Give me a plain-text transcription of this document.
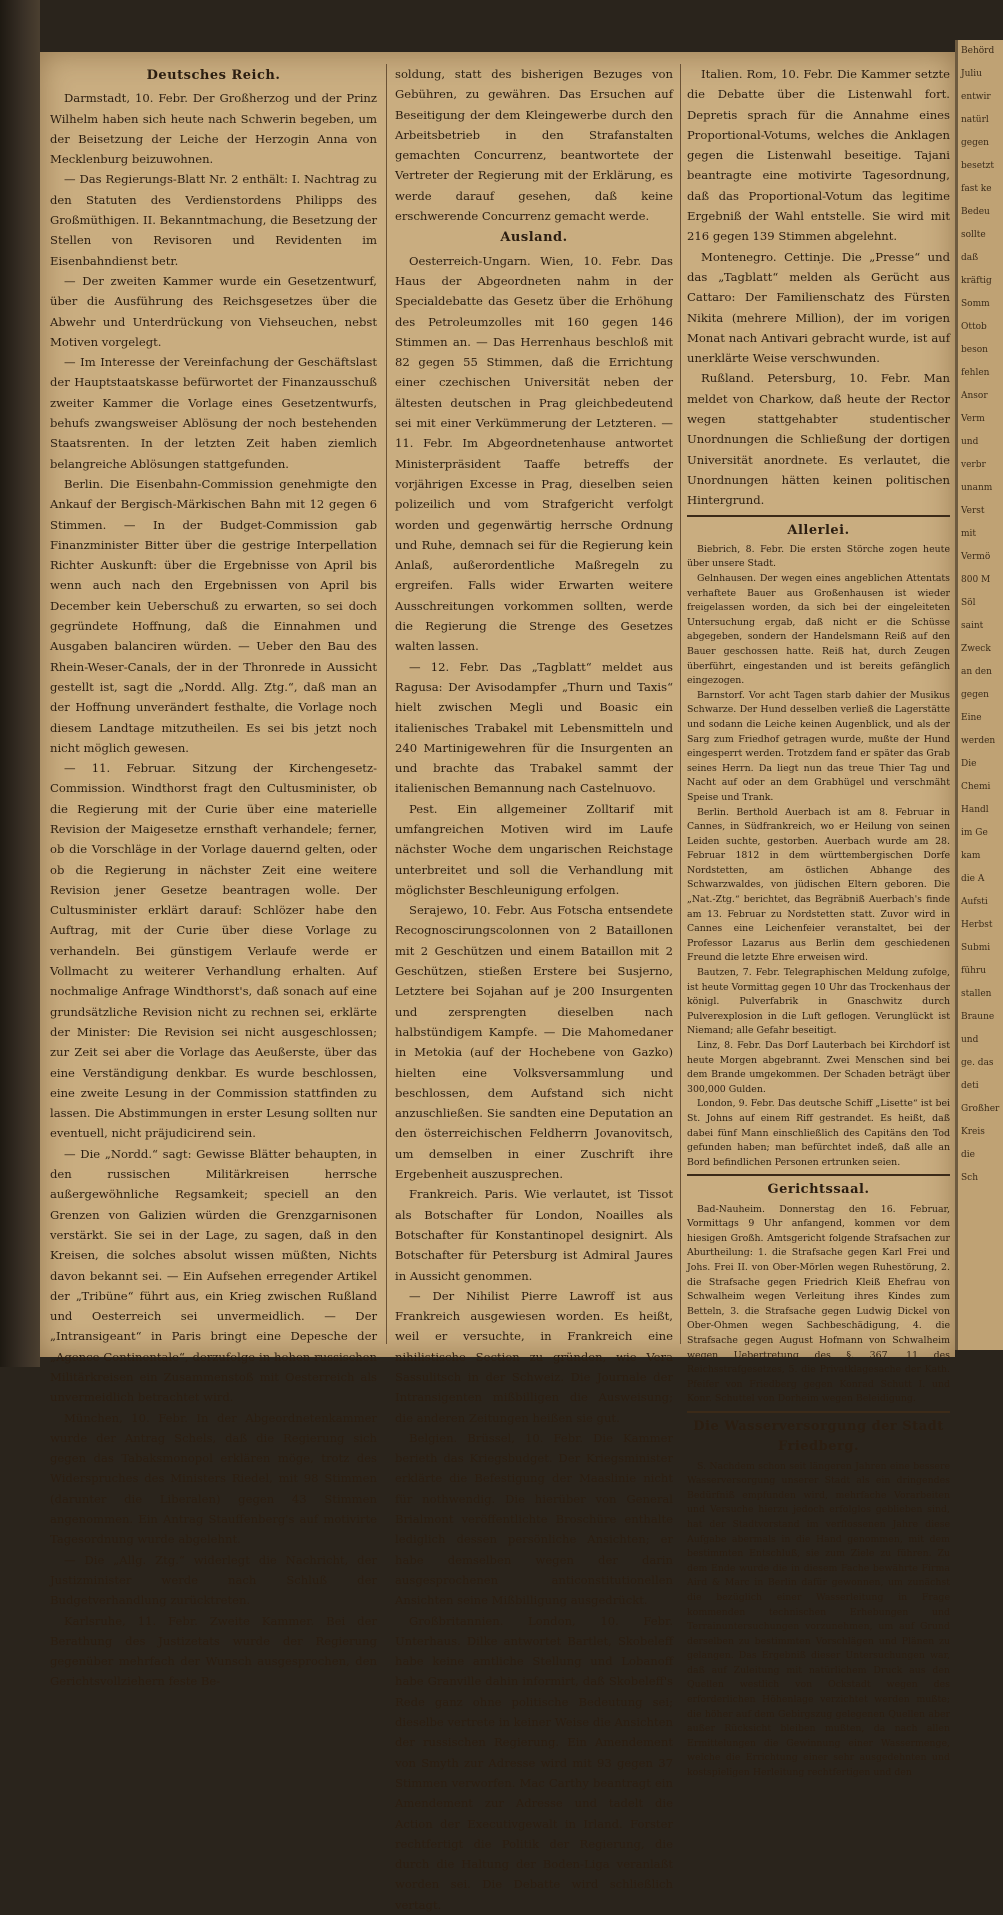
Deutsches Reich.

Darmstadt, 10. Febr. Der Großherzog und der Prinz Wilhelm haben sich heute nach Schwerin begeben, um der Beisetzung der Leiche der Herzogin Anna von Mecklenburg beizuwohnen.

— Das Regierungs-Blatt Nr. 2 enthält: I. Nachtrag zu den Statuten des Verdienstordens Philipps des Großmüthigen. II. Bekanntmachung, die Besetzung der Stellen von Revisoren und Revidenten im Eisenbahndienst betr.

— Der zweiten Kammer wurde ein Gesetzentwurf, über die Ausführung des Reichsgesetzes über die Abwehr und Unterdrückung von Viehseuchen, nebst Motiven vorgelegt.

— Im Interesse der Vereinfachung der Geschäftslast der Hauptstaatskasse befürwortet der Finanzausschuß zweiter Kammer die Vorlage eines Gesetzentwurfs, behufs zwangsweiser Ablösung der noch bestehenden Staatsrenten. In der letzten Zeit haben ziemlich belangreiche Ablösungen stattgefunden.

Berlin. Die Eisenbahn-Commission genehmigte den Ankauf der Bergisch-Märkischen Bahn mit 12 gegen 6 Stimmen. — In der Budget-Commission gab Finanzminister Bitter über die gestrige Interpellation Richter Auskunft: über die Ergebnisse von April bis wenn auch nach den Ergebnissen von April bis December kein Ueberschuß zu erwarten, so sei doch gegründete Hoffnung, daß die Einnahmen und Ausgaben balanciren würden. — Ueber den Bau des Rhein-Weser-Canals, der in der Thronrede in Aussicht gestellt ist, sagt die „Nordd. Allg. Ztg.“, daß man an der Hoffnung unverändert festhalte, die Vorlage noch diesem Landtage mitzutheilen. Es sei bis jetzt noch nicht möglich gewesen.

— 11. Februar. Sitzung der Kirchengesetz-Commission. Windthorst fragt den Cultusminister, ob die Regierung mit der Curie über eine materielle Revision der Maigesetze ernsthaft verhandele; ferner, ob die Vorschläge in der Vorlage dauernd gelten, oder ob die Regierung in nächster Zeit eine weitere Revision jener Gesetze beantragen wolle. Der Cultusminister erklärt darauf: Schlözer habe den Auftrag, mit der Curie über diese Vorlage zu verhandeln. Bei günstigem Verlaufe werde er Vollmacht zu weiterer Verhandlung erhalten. Auf nochmalige Anfrage Windthorst's, daß sonach auf eine grundsätzliche Revision nicht zu rechnen sei, erklärte der Minister: Die Revision sei nicht ausgeschlossen; zur Zeit sei aber die Vorlage das Aeußerste, über das eine Verständigung denkbar. Es wurde beschlossen, eine zweite Lesung in der Commission stattfinden zu lassen. Die Abstimmungen in erster Lesung sollten nur eventuell, nicht präjudicirend sein.

— Die „Nordd.“ sagt: Gewisse Blätter behaupten, in den russischen Militärkreisen herrsche außergewöhnliche Regsamkeit; speciell an den Grenzen von Galizien würden die Grenzgarnisonen verstärkt. Sie sei in der Lage, zu sagen, daß in den Kreisen, die solches absolut wissen müßten, Nichts davon bekannt sei. — Ein Aufsehen erregender Artikel der „Tribüne“ führt aus, ein Krieg zwischen Rußland und Oesterreich sei unvermeidlich. — Der „Intransigeant“ in Paris bringt eine Depesche der „Agence Continentale“, derzufolge in hohen russischen Militärkreisen ein Zusammenstoß mit Oesterreich als unvermeidlich betrachtet wird.

München, 10. Febr. In der Abgeordnetenkammer wurde der Antrag Schels, daß die Regierung sich gegen das Tabaksmonopol erklären möge, trotz des Widerspruches des Ministers Riedel, mit 98 Stimmen (darunter die Liberalen) gegen 43 Stimmen angenommen. Ein Antrag Stauffenberg's auf motivirte Tagesordnung wurde abgelehnt.

— Die „Allg. Ztg.“ widerlegt die Nachricht, der Justizminister werde nach Schluß der Budgetverhandlung zurücktreten.

Karlsruhe, 11. Febr. Zweite Kammer. Bei der Berathung des Justizetats wurde der Regierung gegenüber mehrfach der Wunsch ausgesprochen, den Gerichtsvollziehern feste Be-

soldung, statt des bisherigen Bezuges von Gebühren, zu gewähren. Das Ersuchen auf Beseitigung der dem Kleingewerbe durch den Arbeitsbetrieb in den Strafanstalten gemachten Concurrenz, beantwortete der Vertreter der Regierung mit der Erklärung, es werde darauf gesehen, daß keine erschwerende Concurrenz gemacht werde.

Ausland.

Oesterreich-Ungarn. Wien, 10. Febr. Das Haus der Abgeordneten nahm in der Specialdebatte das Gesetz über die Erhöhung des Petroleumzolles mit 160 gegen 146 Stimmen an. — Das Herrenhaus beschloß mit 82 gegen 55 Stimmen, daß die Errichtung einer czechischen Universität neben der ältesten deutschen in Prag gleichbedeutend sei mit einer Verkümmerung der Letzteren. — 11. Febr. Im Abgeordnetenhause antwortet Ministerpräsident Taaffe betreffs der vorjährigen Excesse in Prag, dieselben seien polizeilich und vom Strafgericht verfolgt worden und gegenwärtig herrsche Ordnung und Ruhe, demnach sei für die Regierung kein Anlaß, außerordentliche Maßregeln zu ergreifen. Falls wider Erwarten weitere Ausschreitungen vorkommen sollten, werde die Regierung die Strenge des Gesetzes walten lassen.

— 12. Febr. Das „Tagblatt“ meldet aus Ragusa: Der Avisodampfer „Thurn und Taxis“ hielt zwischen Megli und Boasic ein italienisches Trabakel mit Lebensmitteln und 240 Martinigewehren für die Insurgenten an und brachte das Trabakel sammt der italienischen Bemannung nach Castelnuovo.

Pest. Ein allgemeiner Zolltarif mit umfangreichen Motiven wird im Laufe nächster Woche dem ungarischen Reichstage unterbreitet und soll die Verhandlung mit möglichster Beschleunigung erfolgen.

Serajewo, 10. Febr. Aus Fotscha entsendete Recognoscirungscolonnen von 2 Bataillonen mit 2 Geschützen und einem Bataillon mit 2 Geschützen, stießen Erstere bei Susjerno, Letztere bei Sojahan auf je 200 Insurgenten und zersprengten dieselben nach halbstündigem Kampfe. — Die Mahomedaner in Metokia (auf der Hochebene von Gazko) hielten eine Volksversammlung und beschlossen, dem Aufstand sich nicht anzuschließen. Sie sandten eine Deputation an den österreichischen Feldherrn Jovanovitsch, um demselben in einer Zuschrift ihre Ergebenheit auszusprechen.

Frankreich. Paris. Wie verlautet, ist Tissot als Botschafter für London, Noailles als Botschafter für Konstantinopel designirt. Als Botschafter für Petersburg ist Admiral Jaures in Aussicht genommen.

— Der Nihilist Pierre Lawroff ist aus Frankreich ausgewiesen worden. Es heißt, weil er versuchte, in Frankreich eine nihilistische Section zu gründen, wie Vera Sassulitsch in der Schweiz. Die Journale der Intransigenten mißbilligen die Ausweisung; die anderen Zeitungen heißen sie gut.

Belgien. Brüssel, 10. Febr. Die Kammer berieth das Kriegsbudget. Der Kriegsminister erklärte die Befestigung der Maaslinie nicht für nothwendig. Die hierüber von General Brialmont veröffentlichte Broschüre enthalte lediglich dessen persönliche Ansichten; er habe demselben wegen der darin ausgesprochenen anticonstitutionellen Ansichten seine Mißbilligung ausgedrückt.

Großbritannien. London, 10. Febr. Unterhaus. Dilke antwortet Bartlet, Skobeleff habe keine amtliche Stellung und Lobanoff habe Granville dahin informirt, daß Skobeleff's Rede ganz ohne politische Bedeutung sei; dieselbe vertrete in keiner Weise die Ansichten der russischen Regierung. Ein Amendement von Smyth zur Adresse wird mit 93 gegen 37 Stimmen verworfen. Mac Carthy beantragt ein Amendement zur Adresse und tadelt die Action der Executivgewalt in Irland. Forster rechtfertigt die Politik der Regierung, die durch die Haltung der Boden-Liga veranlaßt worden sei. Die Debatte wird schließlich vertagt.

Italien. Rom, 10. Febr. Die Kammer setzte die Debatte über die Listenwahl fort. Depretis sprach für die Annahme eines Proportional-Votums, welches die Anklagen gegen die Listenwahl beseitige. Tajani beantragte eine motivirte Tagesordnung, daß das Proportional-Votum das legitime Ergebniß der Wahl entstelle. Sie wird mit 216 gegen 139 Stimmen abgelehnt.

Montenegro. Cettinje. Die „Presse“ und das „Tagblatt“ melden als Gerücht aus Cattaro: Der Familienschatz des Fürsten Nikita (mehrere Million), der im vorigen Monat nach Antivari gebracht wurde, ist auf unerklärte Weise verschwunden.

Rußland. Petersburg, 10. Febr. Man meldet von Charkow, daß heute der Rector wegen stattgehabter studentischer Unordnungen die Schließung der dortigen Universität anordnete. Es verlautet, die Unordnungen hätten keinen politischen Hintergrund.

Allerlei.

Biebrich, 8. Febr. Die ersten Störche zogen heute über unsere Stadt.

Gelnhausen. Der wegen eines angeblichen Attentats verhaftete Bauer aus Großenhausen ist wieder freigelassen worden, da sich bei der eingeleiteten Untersuchung ergab, daß nicht er die Schüsse abgegeben, sondern der Handelsmann Reiß auf den Bauer geschossen hatte. Reiß hat, durch Zeugen überführt, eingestanden und ist bereits gefänglich eingezogen.

Barnstorf. Vor acht Tagen starb dahier der Musikus Schwarze. Der Hund desselben verließ die Lagerstätte und sodann die Leiche keinen Augenblick, und als der Sarg zum Friedhof getragen wurde, mußte der Hund eingesperrt werden. Trotzdem fand er später das Grab seines Herrn. Da liegt nun das treue Thier Tag und Nacht auf oder an dem Grabhügel und verschmäht Speise und Trank.

Berlin. Berthold Auerbach ist am 8. Februar in Cannes, in Südfrankreich, wo er Heilung von seinen Leiden suchte, gestorben. Auerbach wurde am 28. Februar 1812 in dem württembergischen Dorfe Nordstetten, am östlichen Abhange des Schwarzwaldes, von jüdischen Eltern geboren. Die „Nat.-Ztg.“ berichtet, das Begräbniß Auerbach's finde am 13. Februar zu Nordstetten statt. Zuvor wird in Cannes eine Leichenfeier veranstaltet, bei der Professor Lazarus aus Berlin dem geschiedenen Freund die letzte Ehre erweisen wird.

Bautzen, 7. Febr. Telegraphischen Meldung zufolge, ist heute Vormittag gegen 10 Uhr das Trockenhaus der königl. Pulverfabrik in Gnaschwitz durch Pulverexplosion in die Luft geflogen. Verunglückt ist Niemand; alle Gefahr beseitigt.

Linz, 8. Febr. Das Dorf Lauterbach bei Kirchdorf ist heute Morgen abgebrannt. Zwei Menschen sind bei dem Brande umgekommen. Der Schaden beträgt über 300,000 Gulden.

London, 9. Febr. Das deutsche Schiff „Lisette“ ist bei St. Johns auf einem Riff gestrandet. Es heißt, daß dabei fünf Mann einschließlich des Capitäns den Tod gefunden haben; man befürchtet indeß, daß alle an Bord befindlichen Personen ertrunken seien.

Gerichtssaal.

Bad-Nauheim. Donnerstag den 16. Februar, Vormittags 9 Uhr anfangend, kommen vor dem hiesigen Großh. Amtsgericht folgende Strafsachen zur Aburtheilung: 1. die Strafsache gegen Karl Frei und Johs. Frei II. von Ober-Mörlen wegen Ruhestörung, 2. die Strafsache gegen Friedrich Kleiß Ehefrau von Schwalheim wegen Verleitung ihres Kindes zum Betteln, 3. die Strafsache gegen Ludwig Dickel von Ober-Ohmen wegen Sachbeschädigung, 4. die Strafsache gegen August Hofmann von Schwalheim wegen Uebertretung des §. 367, 11 des Reichsstrafgesetzes, 5. die Privatklagesache der Kath. Pfeifer von Friedberg gegen Konrad Schutt I. und Konr. Schuttel von Dorheim wegen Beleidigung.

Die Wasserversorgung der Stadt Friedberg.

S. Nachdem schon seit längeren Jahren eine bessere Wasserversorgung unserer Stadt als ein dringendes Bedürfniß empfunden wird, mehrfache Vorarbeiten und Versuche hierzu jedoch erfolglos geblieben sind, hat der Stadtvorstand im verflossenen Jahre diese Aufgabe abermals in die Hand genommen, mit dem bestimmten Entschluß, sie zum Ziele zu führen. Zu dem Ende wurde die in diesem Fache bewährte Firma Aird & Marc in Berlin dafür gewonnen, um zunächst die bezüglich einer Wasserleitung in Frage kommenden technischen Erhebungen und Terrainuntersuchungen vorzunehmen, um auf Grund derselben zu bestimmten Vorschlägen und Plänen zu gelangen. Das Ergebniß dieser Untersuchungen war, daß auf Zuleitung mit natürlichem Druck aus den Quellen westlich von Ockstadt wegen des erforderlichen Höhenlage verzichtet werden mußte; die höher auf dem Gebirgszug gelegenen Quellen aber außer Rücksicht bleiben mußten, da nach allen Ermittelungen die Gewinnung einer Wassermenge, welche die Errichtung einer sehr ausgedehnten und kostspieligen Herleitung rechtfertigen und den

Behörd

Juliu

entwir

natürl

gegen

besetzt

fast ke

Bedeu

sollte

daß

kräftig

Somm

Ottob

beson

fehlen

Ansor

Verm

und

verbr

unanm

Verst

mit

Vermö

800 M

Söl

saint

Zweck

an den

gegen

Eine

werden

Die

Chemi

Handl

im Ge

kam

die A

Aufsti

Herbst

Submi

führu

stallen

Braune

und

ge. das

deti

Großher

Kreis

die

Sch
